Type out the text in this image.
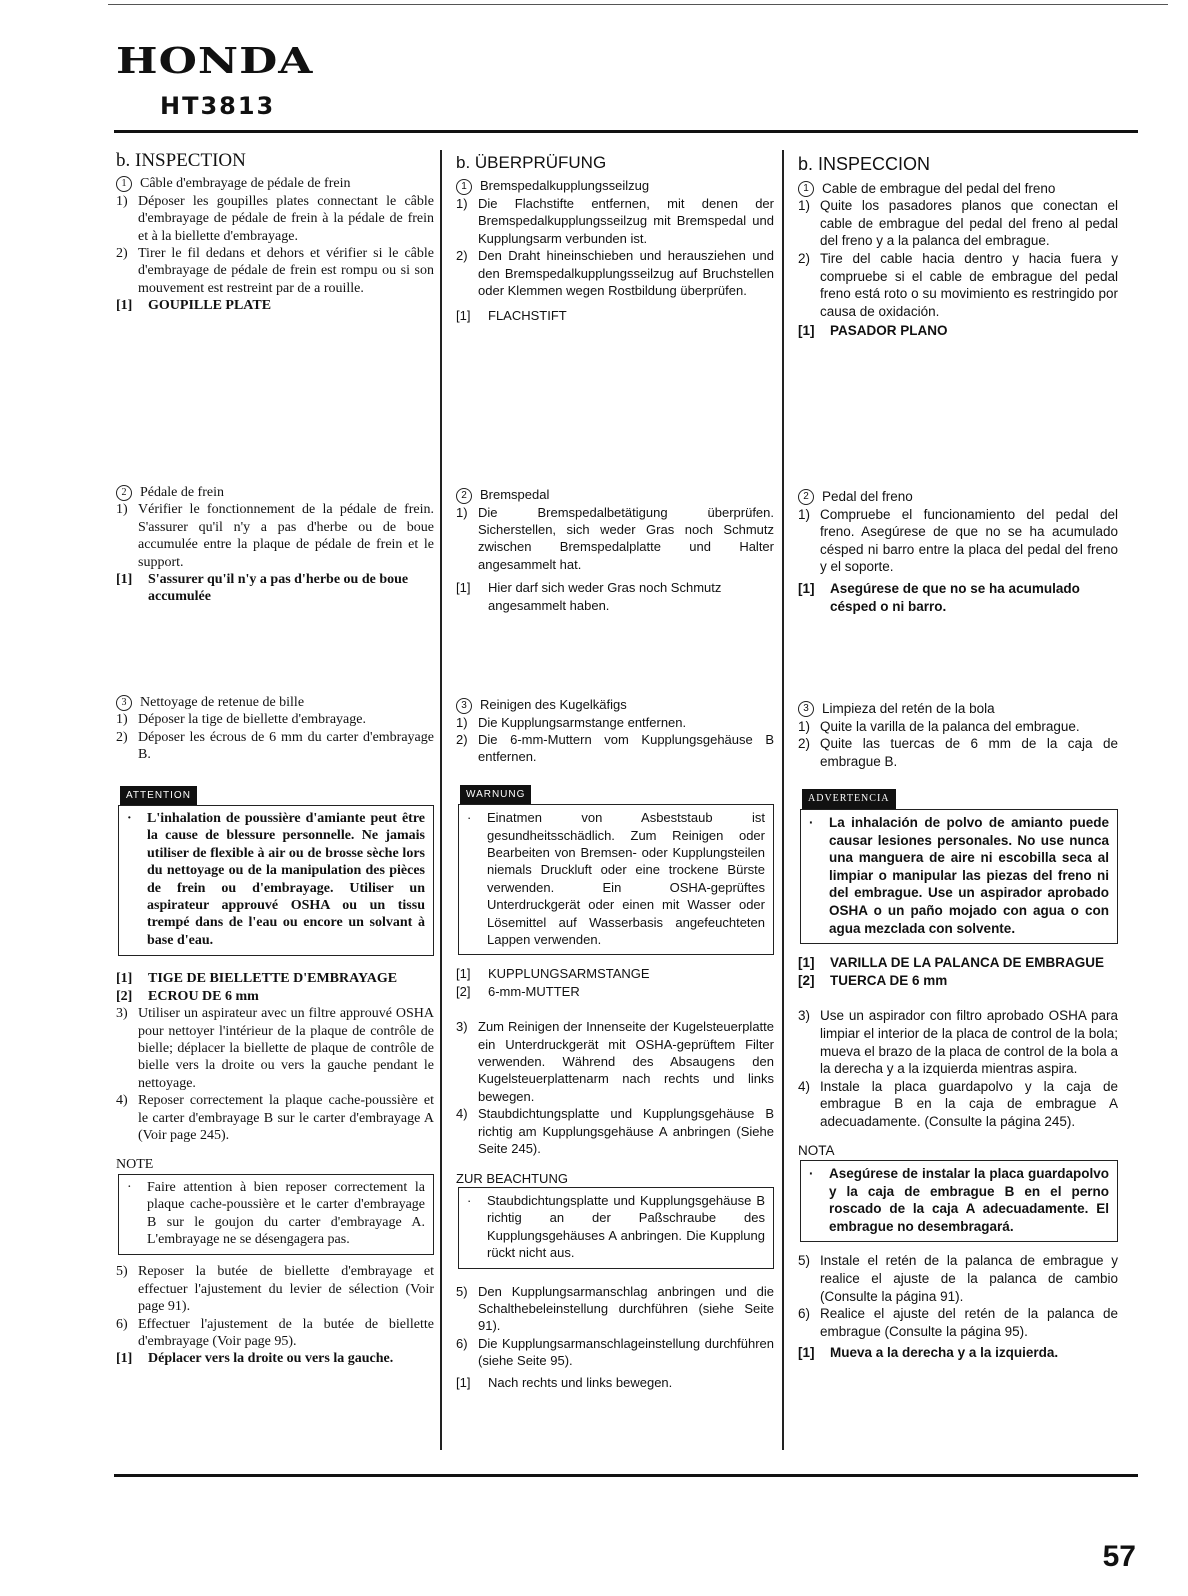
HONDA
HT3813
b. INSPECTION
1 Câble d'embrayage de pédale de frein
1) Déposer les goupilles plates connectant le câble d'embrayage de pédale de frein à la pédale de frein et à la biellette d'embrayage.
2) Tirer le fil dedans et dehors et vérifier si le câble d'embrayage de pédale de frein est rompu ou si son mouvement est restreint par de a rouille.
[1]	GOUPILLE PLATE
2 Pédale de frein
1) Vérifier le fonctionnement de la pédale de frein. S'assurer qu'il n'y a pas d'herbe ou de boue accumulée entre la plaque de pédale de frein et le support.
[1]	S'assurer qu'il n'y a pas d'herbe ou de boue accumulée
3 Nettoyage de retenue de bille
1) Déposer la tige de biellette d'embrayage.
2) Déposer les écrous de 6 mm du carter d'embrayage B.
ATTENTION
·	L'inhalation de poussière d'amiante peut être la cause de blessure personnelle. Ne jamais utiliser de flexible à air ou de brosse sèche lors du nettoyage ou de la manipulation des pièces de frein ou d'embrayage. Utiliser un aspirateur approuvé OSHA ou un tissu trempé dans de l'eau ou encore un solvant à base d'eau.
[1]	TIGE DE BIELLETTE D'EMBRAYAGE
[2]	ECROU DE 6 mm
3) Utiliser un aspirateur avec un filtre approuvé OSHA pour nettoyer l'intérieur de la plaque de contrôle de bielle; déplacer la biellette de plaque de contrôle de bielle vers la droite ou vers la gauche pendant le nettoyage.
4) Reposer correctement la plaque cache-poussière et le carter d'embrayage B sur le carter d'embrayage A (Voir page 245).
NOTE
·	Faire attention à bien reposer correctement la plaque cache-poussière et le carter d'embrayage B sur le goujon du carter d'embrayage A. L'embrayage ne se désengagera pas.
5) Reposer la butée de biellette d'embrayage et effectuer l'ajustement du levier de sélection (Voir page 91).
6) Effectuer l'ajustement de la butée de biellette d'embrayage (Voir page 95).
[1]	Déplacer vers la droite ou vers la gauche.
b. ÜBERPRÜFUNG
1 Bremspedalkupplungsseilzug
1) Die Flachstifte entfernen, mit denen der Bremspedalkupplungsseilzug mit Bremspedal und Kupplungsarm verbunden ist.
2) Den Draht hineinschieben und herausziehen und den Bremspedalkupplungsseilzug auf Bruchstellen oder Klemmen wegen Rostbildung überprüfen.
[1]	FLACHSTIFT
2 Bremspedal
1) Die Bremspedalbetätigung überprüfen. Sicherstellen, sich weder Gras noch Schmutz zwischen Bremspedalplatte und Halter angesammelt hat.
[1]	Hier darf sich weder Gras noch Schmutz angesammelt haben.
3 Reinigen des Kugelkäfigs
1) Die Kupplungsarmstange entfernen.
2) Die 6-mm-Muttern vom Kupplungsgehäuse B entfernen.
WARNUNG
·	Einatmen von Asbeststaub ist gesundheitsschädlich. Zum Reinigen oder Bearbeiten von Bremsen- oder Kupplungsteilen niemals Druckluft oder eine trockene Bürste verwenden. Ein OSHA-geprüftes Unterdruckgerät oder einen mit Wasser oder Lösemittel auf Wasserbasis angefeuchteten Lappen verwenden.
[1]	KUPPLUNGSARMSTANGE
[2]	6-mm-MUTTER
3) Zum Reinigen der Innenseite der Kugelsteuerplatte ein Unterdruckgerät mit OSHA-geprüftem Filter verwenden. Während des Absaugens den Kugelsteuerplattenarm nach rechts und links bewegen.
4) Staubdichtungsplatte und Kupplungsgehäuse B richtig am Kupplungsgehäuse A anbringen (Siehe Seite 245).
ZUR BEACHTUNG
·	Staubdichtungsplatte und Kupplungsgehäuse B richtig an der Paßschraube des Kupplungsgehäuses A anbringen. Die Kupplung rückt nicht aus.
5) Den Kupplungsarmanschlag anbringen und die Schalthebeleinstellung durchführen (siehe Seite 91).
6) Die Kupplungsarmanschlageinstellung durchführen (siehe Seite 95).
[1]	Nach rechts und links bewegen.
b. INSPECCION
1 Cable de embrague del pedal del freno
1) Quite los pasadores planos que conectan el cable de embrague del pedal del freno al pedal del freno y a la palanca del embrague.
2) Tire del cable hacia dentro y hacia fuera y compruebe si el cable de embrague del pedal freno está roto o su movimiento es restringido por causa de oxidación.
[1]	PASADOR PLANO
2 Pedal del freno
1) Compruebe el funcionamiento del pedal del freno. Asegúrese de que no se ha acumulado césped ni barro entre la placa del pedal del freno y el soporte.
[1]	Asegúrese de que no se ha acumulado césped o ni barro.
3 Limpieza del retén de la bola
1) Quite la varilla de la palanca del embrague.
2) Quite las tuercas de 6 mm de la caja de embrague B.
ADVERTENCIA
·	La inhalación de polvo de amianto puede causar lesiones personales. No use nunca una manguera de aire ni escobilla seca al limpiar o manipular las piezas del freno ni del embrague. Use un aspirador aprobado OSHA o un paño mojado con agua o con agua mezclada con solvente.
[1]	VARILLA DE LA PALANCA DE EMBRAGUE
[2]	TUERCA DE 6 mm
3) Use un aspirador con filtro aprobado OSHA para limpiar el interior de la placa de control de la bola; mueva el brazo de la placa de control de la bola a la derecha y a la izquierda mientras aspira.
4) Instale la placa guardapolvo y la caja de embrague B en la caja de embrague A adecuadamente. (Consulte la página 245).
NOTA
·	Asegúrese de instalar la placa guardapolvo y la caja de embrague B en el perno roscado de la caja A adecuadamente. El embrague no desembragará.
5) Instale el retén de la palanca de embrague y realice el ajuste de la palanca de cambio (Consulte la página 91).
6) Realice el ajuste del retén de la palanca de embrague (Consulte la página 95).
[1]	Mueva a la derecha y a la izquierda.
57
